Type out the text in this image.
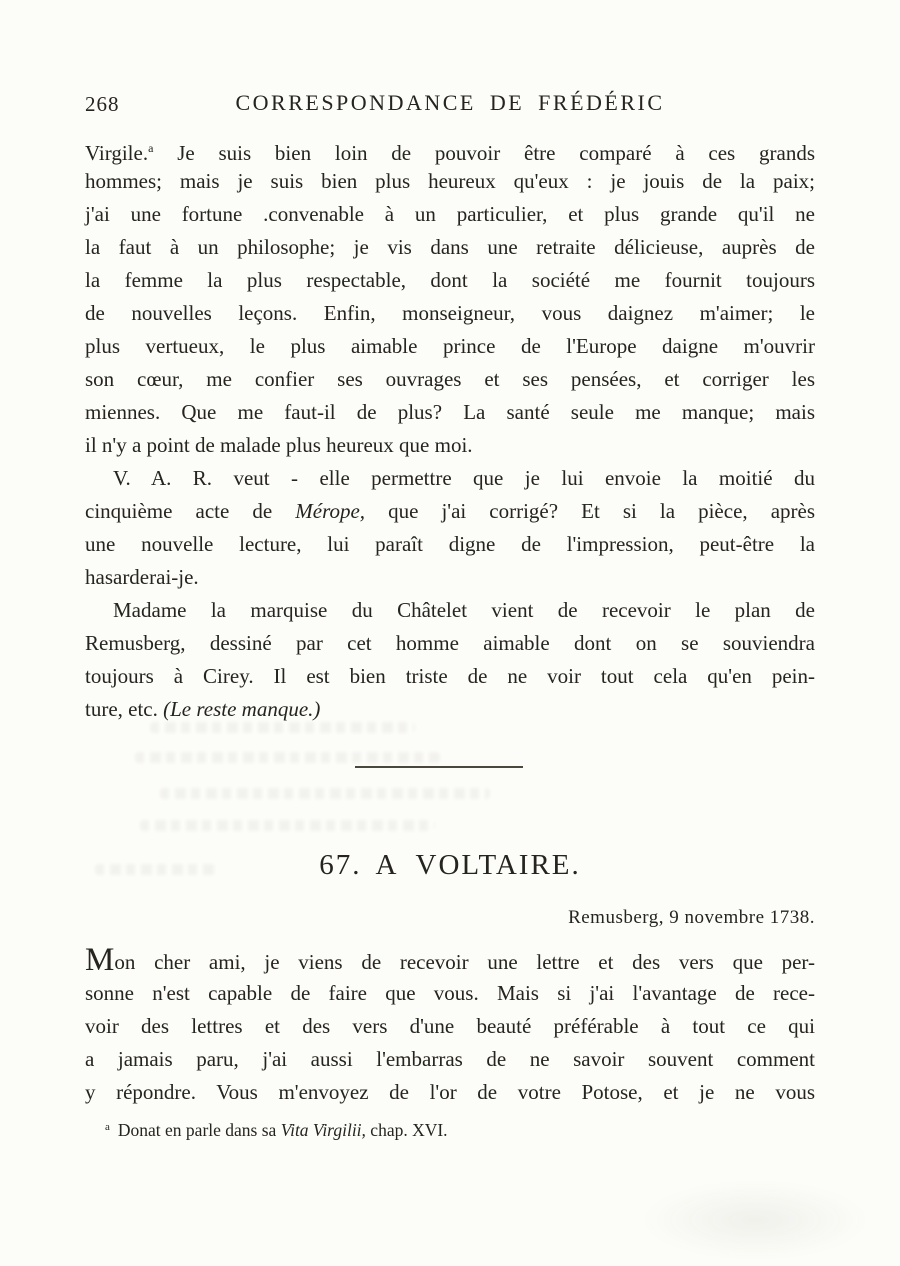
268	CORRESPONDANCE DE FRÉDÉRIC
Virgile.$^a$ Je suis bien loin de pouvoir être comparé à ces grands
hommes; mais je suis bien plus heureux qu'eux : je jouis de la paix;
j'ai une fortune .convenable à un particulier, et plus grande qu'il ne
la faut à un philosophe; je vis dans une retraite délicieuse, auprès de
la femme la plus respectable, dont la société me fournit toujours
de nouvelles leçons. Enfin, monseigneur, vous daignez m'aimer; le
plus vertueux, le plus aimable prince de l'Europe daigne m'ouvrir
son cœur, me confier ses ouvrages et ses pensées, et corriger les
miennes. Que me faut-il de plus? La santé seule me manque; mais
il n'y a point de malade plus heureux que moi.
V. A. R. veut - elle permettre que je lui envoie la moitié du
cinquième acte de Mérope, que j'ai corrigé? Et si la pièce, après
une nouvelle lecture, lui paraît digne de l'impression, peut-être la
hasarderai-je.
Madame la marquise du Châtelet vient de recevoir le plan de
Remusberg, dessiné par cet homme aimable dont on se souviendra
toujours à Cirey. Il est bien triste de ne voir tout cela qu'en pein-
ture, etc. (Le reste manque.)
67. A VOLTAIRE.
Remusberg, 9 novembre 1738.
Mon cher ami, je viens de recevoir une lettre et des vers que per-
sonne n'est capable de faire que vous. Mais si j'ai l'avantage de rece-
voir des lettres et des vers d'une beauté préférable à tout ce qui
a jamais paru, j'ai aussi l'embarras de ne savoir souvent comment
y répondre. Vous m'envoyez de l'or de votre Potose, et je ne vous
$^a$ Donat en parle dans sa Vita Virgilii, chap. XVI.
